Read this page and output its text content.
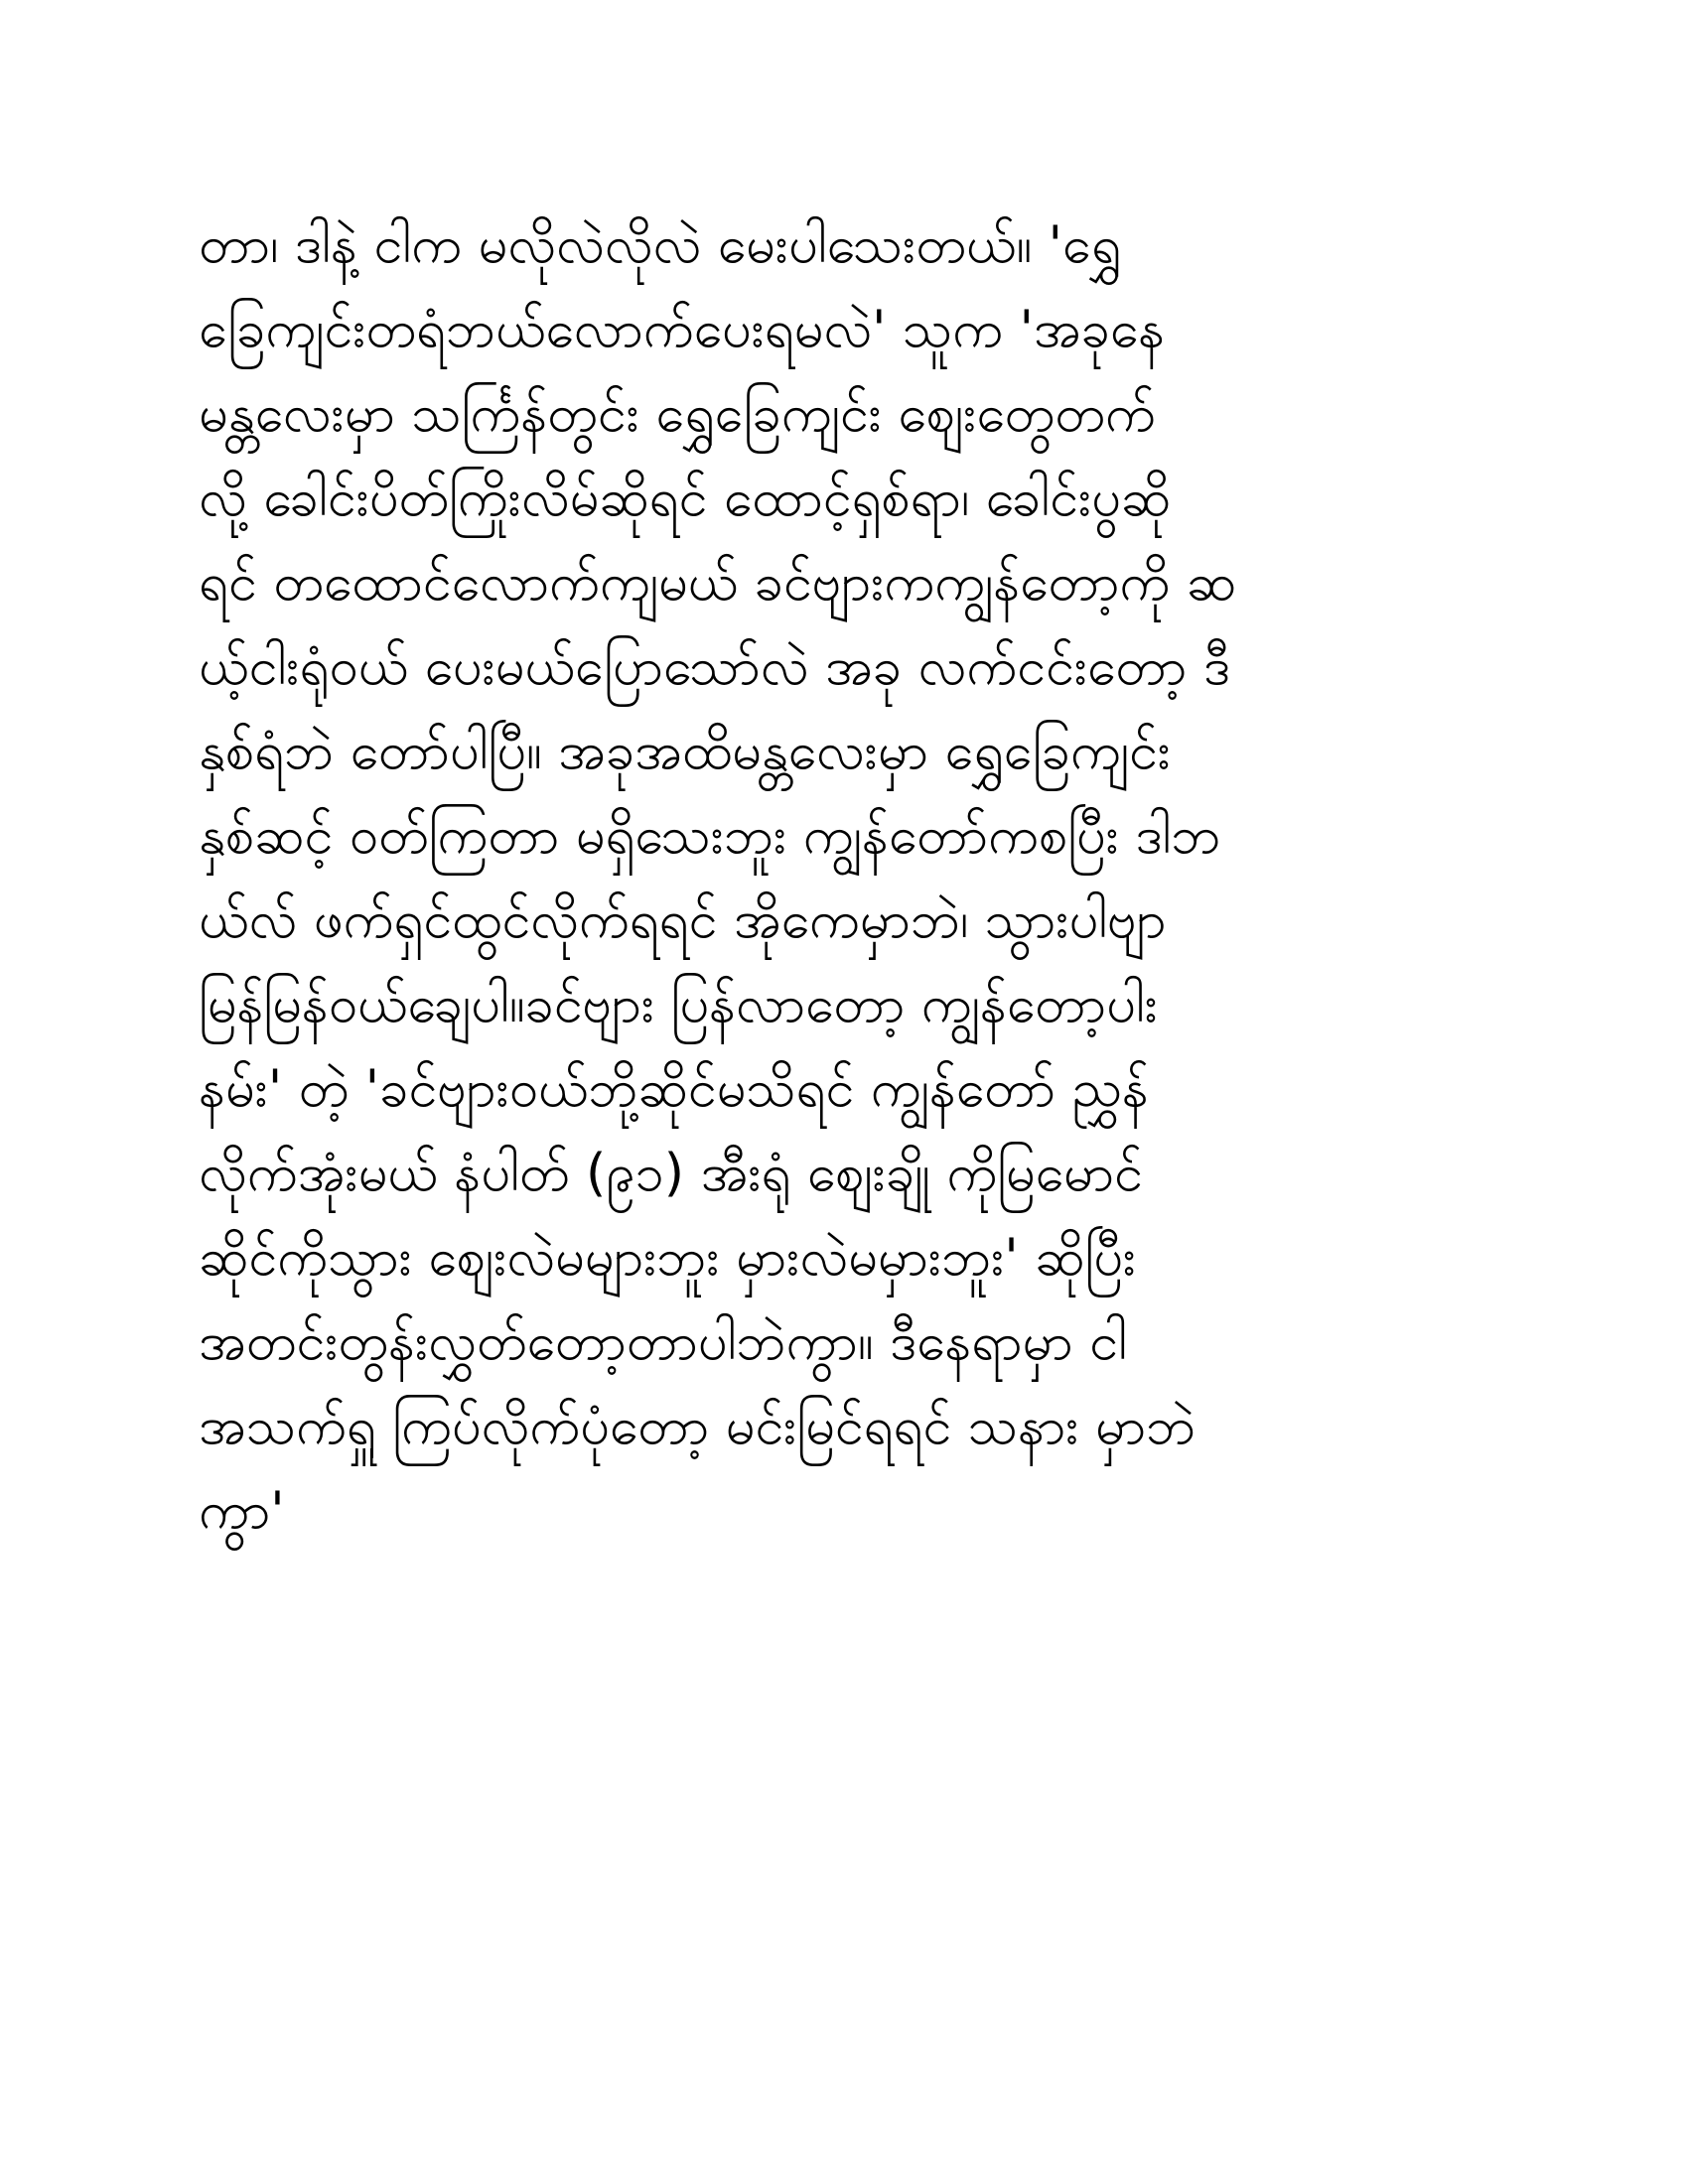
တာ၊ ဒါနဲ့ ငါက မလိုလဲလိုလဲ မေးပါသေးတယ်။ 'ရွှေ
ခြေကျင်းတရံဘယ်လောက်ပေးရမလဲ' သူက 'အခုနေ
မန္တလေးမှာ သင်္ကြန်တွင်း ရွှေခြေကျင်း စျေးတွေတက်
လို့ ခေါင်းပိတ်ကြိုးလိမ်ဆိုရင် ထောင့်ရှစ်ရာ၊ ခေါင်းပွဆို
ရင် တထောင်လောက်ကျမယ် ခင်ဗျားကကျွန်တော့ကို ဆ
ယ့်ငါးရုံဝယ် ပေးမယ်ပြောသော်လဲ အခု လက်ငင်းတော့ ဒီ
နှစ်ရံဘဲ တော်ပါပြီ။ အခုအထိမန္တလေးမှာ ရွှေခြေကျင်း
နှစ်ဆင့် ဝတ်ကြတာ မရှိသေးဘူး ကျွန်တော်ကစပြီး ဒါဘ
ယ်လ် ဖက်ရှင်ထွင်လိုက်ရရင် အိုကေမှာဘဲ၊ သွားပါဗျာ
မြန်မြန်ဝယ်ချေပါ။ခင်ဗျား ပြန်လာတော့ ကျွန်တော့ပါး
နမ်း' တဲ့ 'ခင်ဗျားဝယ်ဘို့ဆိုင်မသိရင် ကျွန်တော် ညွှန်
လိုက်အုံးမယ် နံပါတ် (၉၁) အီးရုံ စျေးချို ကိုမြမောင်
ဆိုင်ကိုသွား စျေးလဲမများဘူး မှားလဲမမှားဘူး' ဆိုပြီး
အတင်းတွန်းလွှတ်တော့တာပါဘဲကွာ။ ဒီနေရာမှာ ငါ
အသက်ရှူ ကြပ်လိုက်ပုံတော့ မင်းမြင်ရရင် သနား မှာဘဲ
ကွာ'
